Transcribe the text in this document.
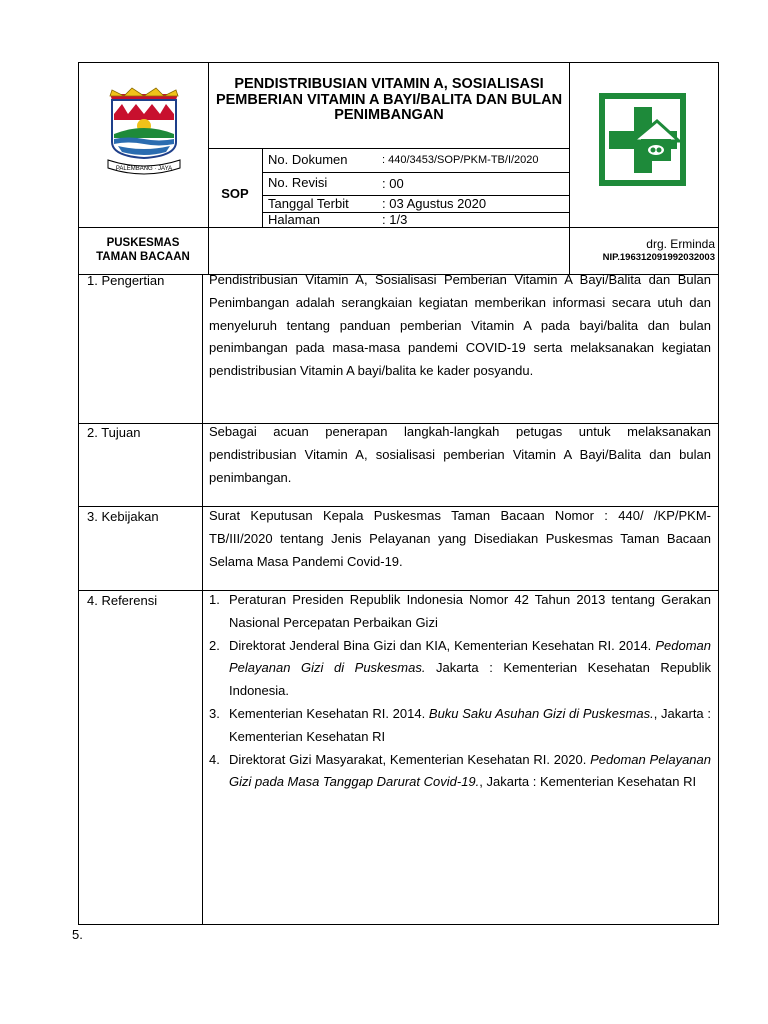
PALEMBANG · JAYA
PENDISTRIBUSIAN VITAMIN A, SOSIALISASI PEMBERIAN VITAMIN A BAYI/BALITA DAN BULAN PENIMBANGAN
SOP
No. Dokumen	: 440/3453/SOP/PKM-TB/I/2020
No. Revisi	: 00
Tanggal Terbit	: 03 Agustus 2020
Halaman	: 1/3
PUSKESMAS
TAMAN BACAAN
drg. Erminda
NIP.196312091992032003
1. Pengertian	Pendistribusian Vitamin A, Sosialisasi Pemberian Vitamin A Bayi/Balita dan Bulan Penimbangan adalah serangkaian kegiatan memberikan informasi secara utuh dan menyeluruh tentang panduan pemberian Vitamin A pada bayi/balita dan bulan penimbangan pada masa-masa pandemi COVID-19 serta melaksanakan kegiatan pendistribusian Vitamin A bayi/balita ke kader posyandu.
2. Tujuan	Sebagai acuan penerapan langkah-langkah petugas untuk melaksanakan pendistribusian Vitamin A, sosialisasi pemberian Vitamin A Bayi/Balita dan bulan penimbangan.
3. Kebijakan	Surat Keputusan Kepala Puskesmas Taman Bacaan Nomor : 440/ /KP/PKM-TB/III/2020 tentang Jenis Pelayanan yang Disediakan Puskesmas Taman Bacaan Selama Masa Pandemi Covid-19.
4. Referensi	1. Peraturan Presiden Republik Indonesia Nomor 42 Tahun 2013 tentang Gerakan Nasional Percepatan Perbaikan Gizi
2. Direktorat Jenderal Bina Gizi dan KIA, Kementerian Kesehatan RI. 2014. Pedoman Pelayanan Gizi di Puskesmas. Jakarta : Kementerian Kesehatan Republik Indonesia.
3. Kementerian Kesehatan RI. 2014. Buku Saku Asuhan Gizi di Puskesmas., Jakarta : Kementerian Kesehatan RI
4. Direktorat Gizi Masyarakat, Kementerian Kesehatan RI. 2020. Pedoman Pelayanan Gizi pada Masa Tanggap Darurat Covid-19., Jakarta : Kementerian Kesehatan RI
5.
